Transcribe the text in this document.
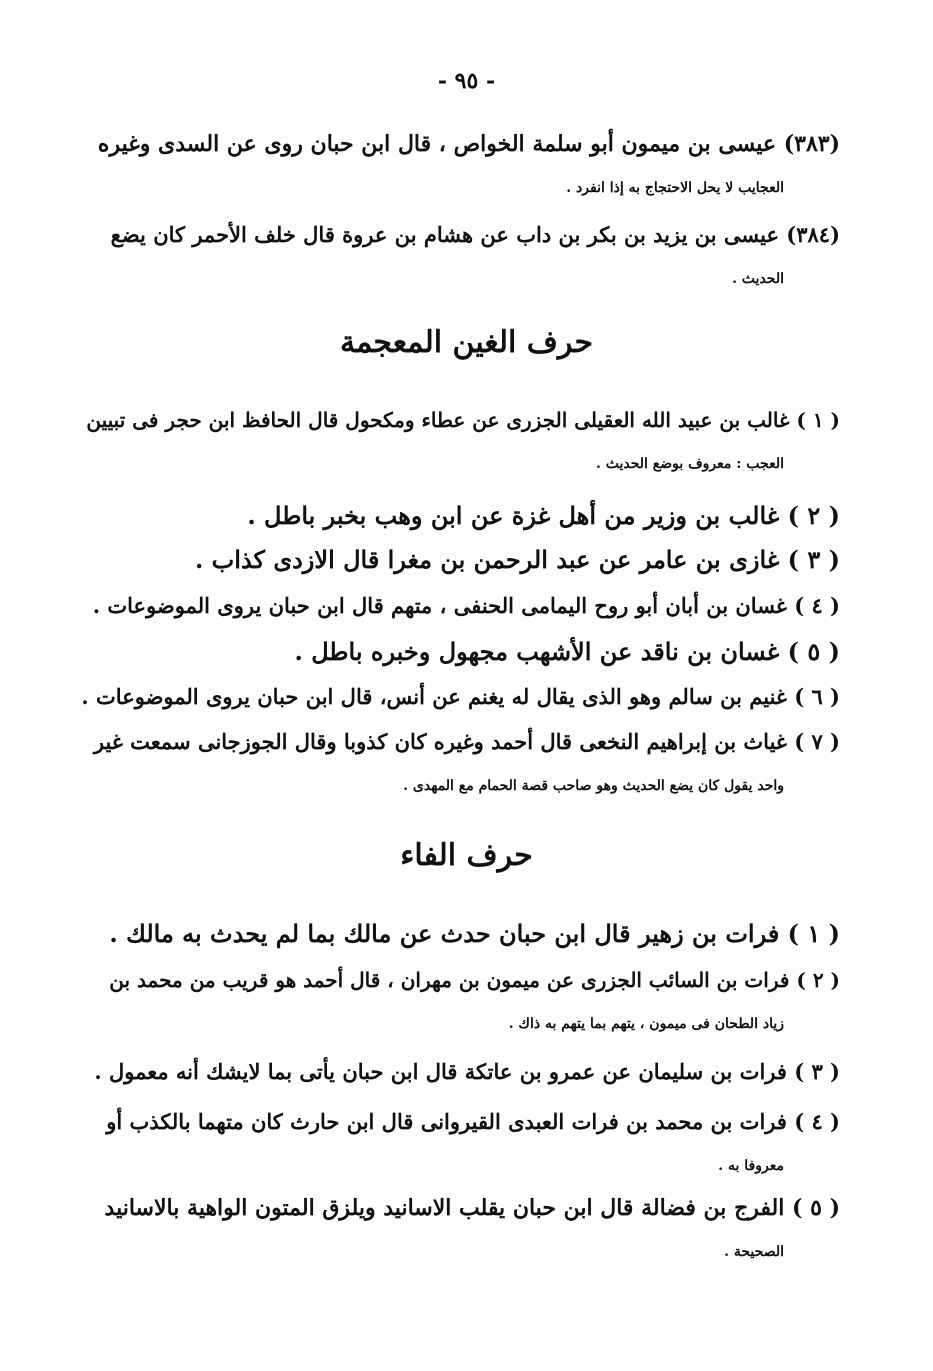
- ٩٥ -
(٣٨٣) عيسى بن ميمون أبو سلمة الخواص ، قال ابن حبان روى عن السدى وغيره
العجايب لا يحل الاحتجاج به إذا انفرد .
(٣٨٤) عيسى بن يزيد بن بكر بن داب عن هشام بن عروة قال خلف الأحمر كان يضع
الحديث .
حرف الغين المعجمة
( ١ ) غالب بن عبيد الله العقيلى الجزرى عن عطاء ومكحول قال الحافظ ابن حجر فى تبيين
العجب : معروف بوضع الحديث .
( ٢ ) غالب بن وزير من أهل غزة عن ابن وهب بخبر باطل .
( ٣ ) غازى بن عامر عن عبد الرحمن بن مغرا قال الازدى كذاب .
( ٤ ) غسان بن أبان أبو روح اليمامى الحنفى ، متهم قال ابن حبان يروى الموضوعات .
( ٥ ) غسان بن ناقد عن الأشهب مجهول وخبره باطل .
( ٦ ) غنيم بن سالم وهو الذى يقال له يغنم عن أنس، قال ابن حبان يروى الموضوعات .
( ٧ ) غياث بن إبراهيم النخعى قال أحمد وغيره كان كذوبا وقال الجوزجانى سمعت غير
واحد يقول كان يضع الحديث وهو صاحب قصة الحمام مع المهدى .
حرف الفاء
( ١ ) فرات بن زهير قال ابن حبان حدث عن مالك بما لم يحدث به مالك .
( ٢ ) فرات بن السائب الجزرى عن ميمون بن مهران ، قال أحمد هو قريب من محمد بن
زياد الطحان فى ميمون ، يتهم بما يتهم به ذاك .
( ٣ ) فرات بن سليمان عن عمرو بن عاتكة قال ابن حبان يأتى بما لايشك أنه معمول .
( ٤ ) فرات بن محمد بن فرات العبدى القيروانى قال ابن حارث كان متهما بالكذب أو
معروفا به .
( ٥ ) الفرج بن فضالة قال ابن حبان يقلب الاسانيد ويلزق المتون الواهية بالاسانيد
الصحيحة .
